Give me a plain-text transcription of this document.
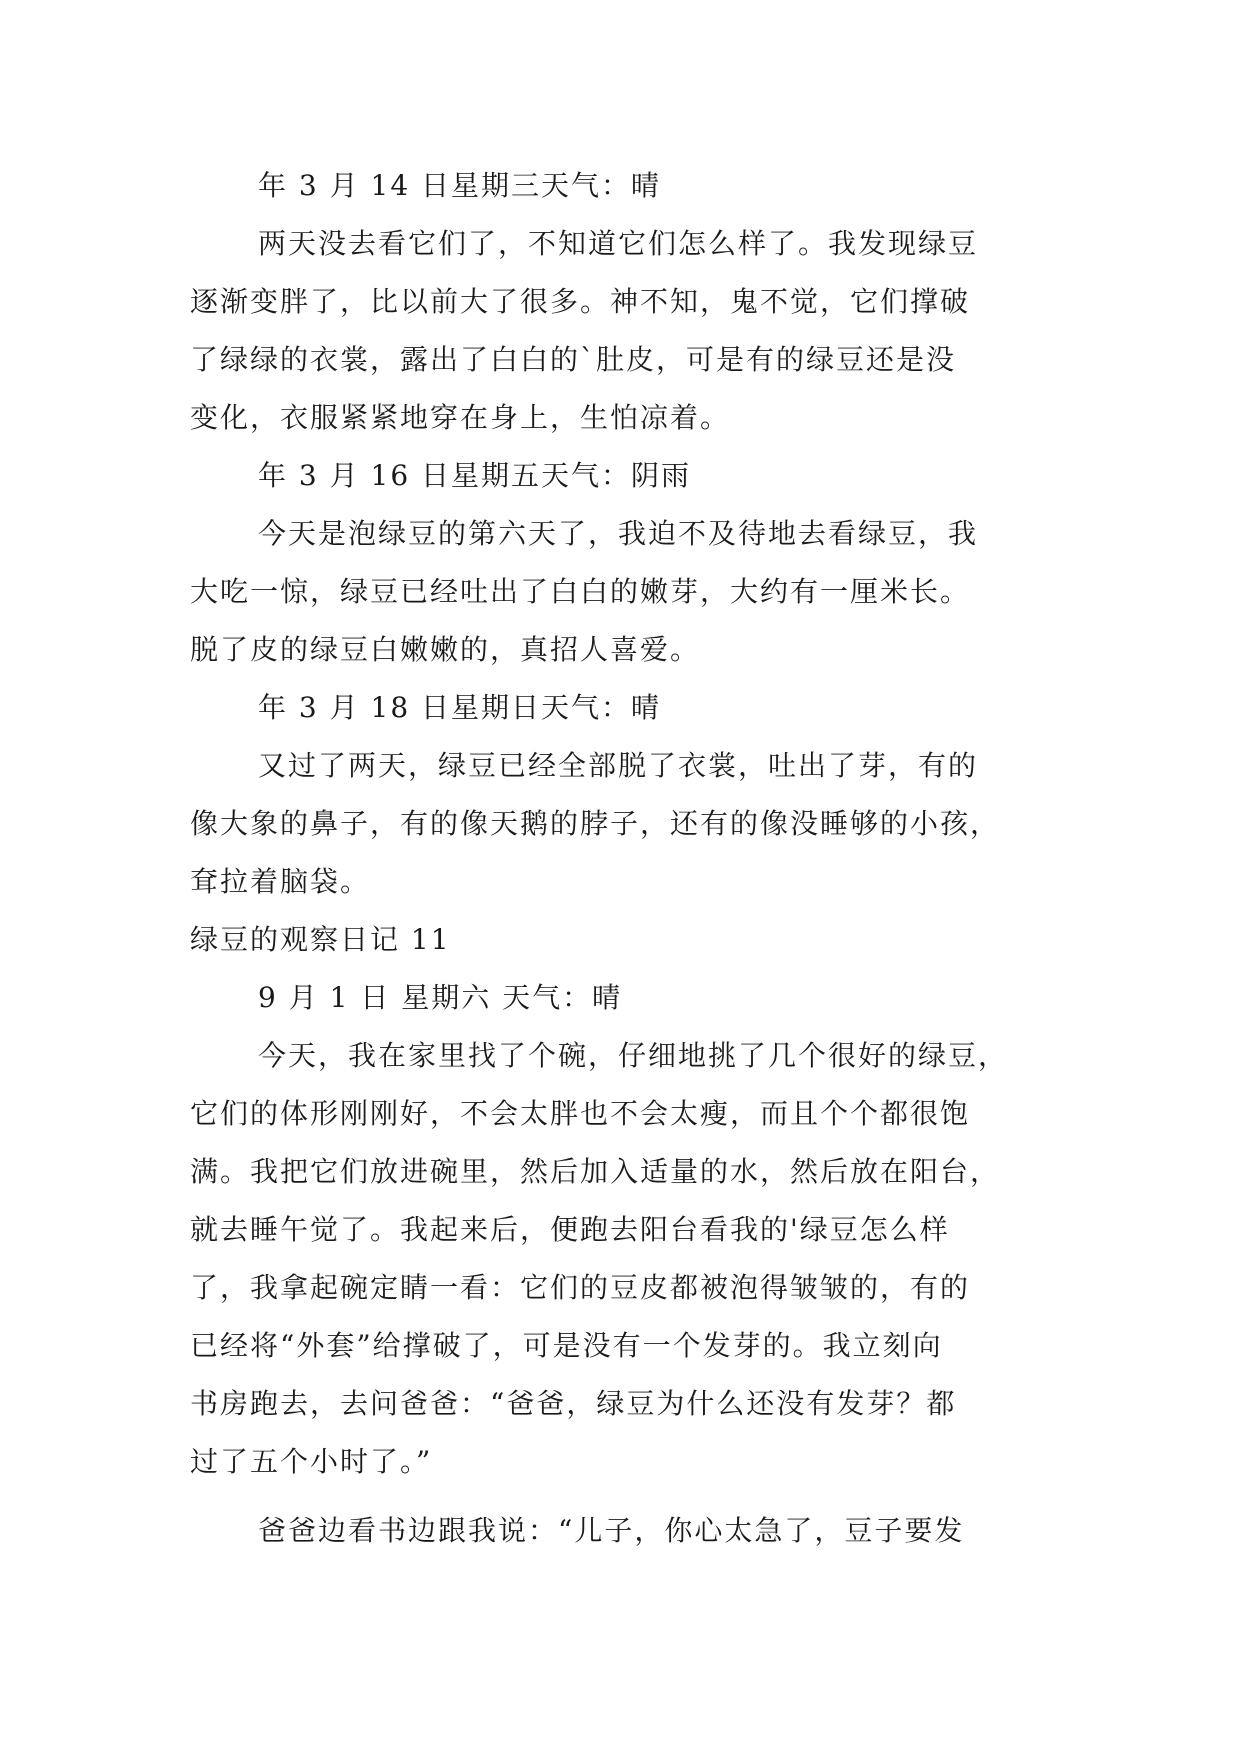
年 3 月 14 日星期三天气：晴
两天没去看它们了，不知道它们怎么样了。我发现绿豆
逐渐变胖了，比以前大了很多。神不知，鬼不觉，它们撑破
了绿绿的衣裳，露出了白白的`肚皮，可是有的绿豆还是没
变化，衣服紧紧地穿在身上，生怕凉着。
年 3 月 16 日星期五天气：阴雨
今天是泡绿豆的第六天了，我迫不及待地去看绿豆，我
大吃一惊，绿豆已经吐出了白白的嫩芽，大约有一厘米长。
脱了皮的绿豆白嫩嫩的，真招人喜爱。
年 3 月 18 日星期日天气：晴
又过了两天，绿豆已经全部脱了衣裳，吐出了芽，有的
像大象的鼻子，有的像天鹅的脖子，还有的像没睡够的小孩，
耷拉着脑袋。
绿豆的观察日记 11
9 月 1 日 星期六 天气：晴
今天，我在家里找了个碗，仔细地挑了几个很好的绿豆，
它们的体形刚刚好，不会太胖也不会太瘦，而且个个都很饱
满。我把它们放进碗里，然后加入适量的水，然后放在阳台，
就去睡午觉了。我起来后，便跑去阳台看我的'绿豆怎么样
了，我拿起碗定睛一看：它们的豆皮都被泡得皱皱的，有的
已经将“外套”给撑破了，可是没有一个发芽的。我立刻向
书房跑去，去问爸爸：“爸爸，绿豆为什么还没有发芽？都
过了五个小时了。”
爸爸边看书边跟我说：“儿子，你心太急了，豆子要发
